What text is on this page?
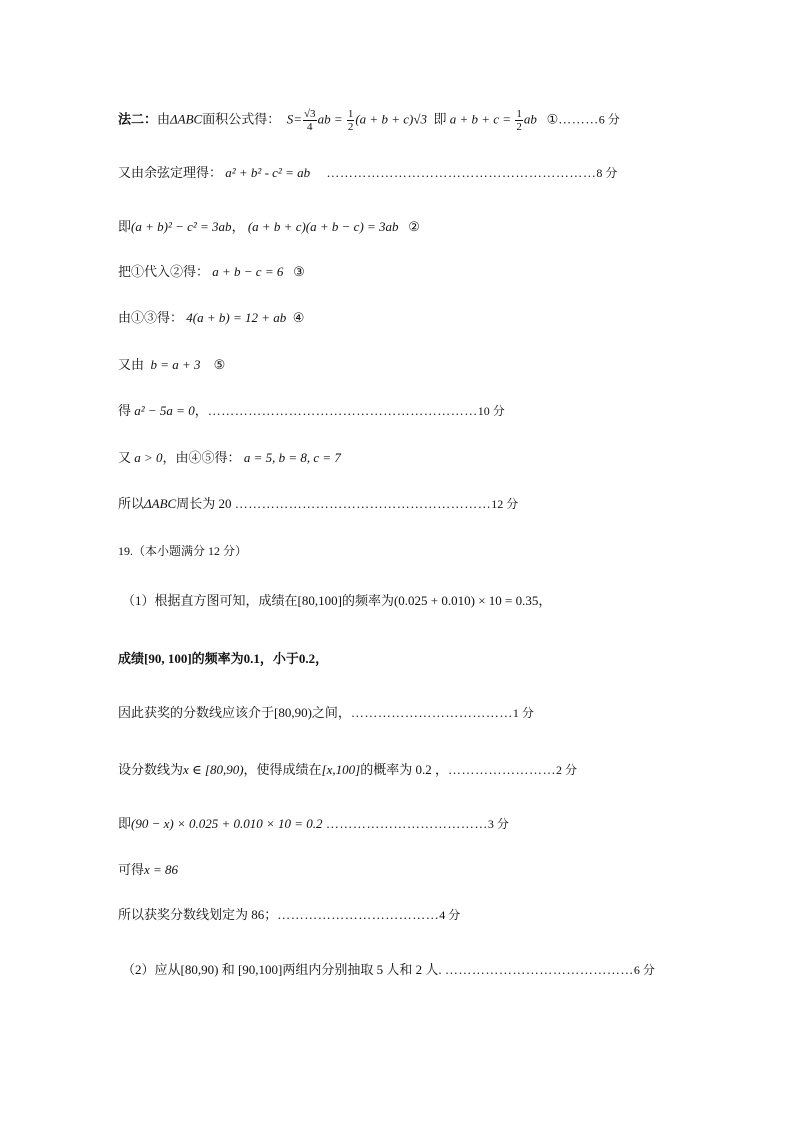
法二：由ΔABC面积公式得： $S= \frac{√3}{4}$ ab = $\frac{1}{2} (a + b + c)√3$ 即 $a + b + c = \frac{1}{2}$ ab ①………6 分
又由余弦定理得： a² + b² - c² = ab ……………………………………………………8 分
即(a + b)² − c² = 3ab， (a + b + c)(a + b − c) = 3ab ②
把①代入②得： a + b − c = 6 ③
由①③得： 4(a + b) = 12 + ab ④
又由 b = a + 3 ⑤
得 a² − 5a = 0，……………………………………………………10 分
又 a > 0，由④⑤得： a = 5, b = 8, c = 7
所以ΔABC周长为 20 …………………………………………………12 分
19.（本小题满分 12 分）
（1）根据直方图可知，成绩在[80,100]的频率为(0.025 + 0.010) × 10 = 0.35，
成绩[90, 100]的频率为0.1，小于0.2，
因此获奖的分数线应该介于[80,90)之间，………………………………1 分
设分数线为x ∈ [80,90)，使得成绩在[x,100]的概率为 0.2 ，……………………2 分
即(90 − x) × 0.025 + 0.010 × 10 = 0.2 ………………………………3 分
可得x = 86
所以获奖分数线划定为 86；………………………………4 分
（2）应从[80,90) 和 [90,100]两组内分别抽取 5 人和 2 人. ……………………………………6 分
